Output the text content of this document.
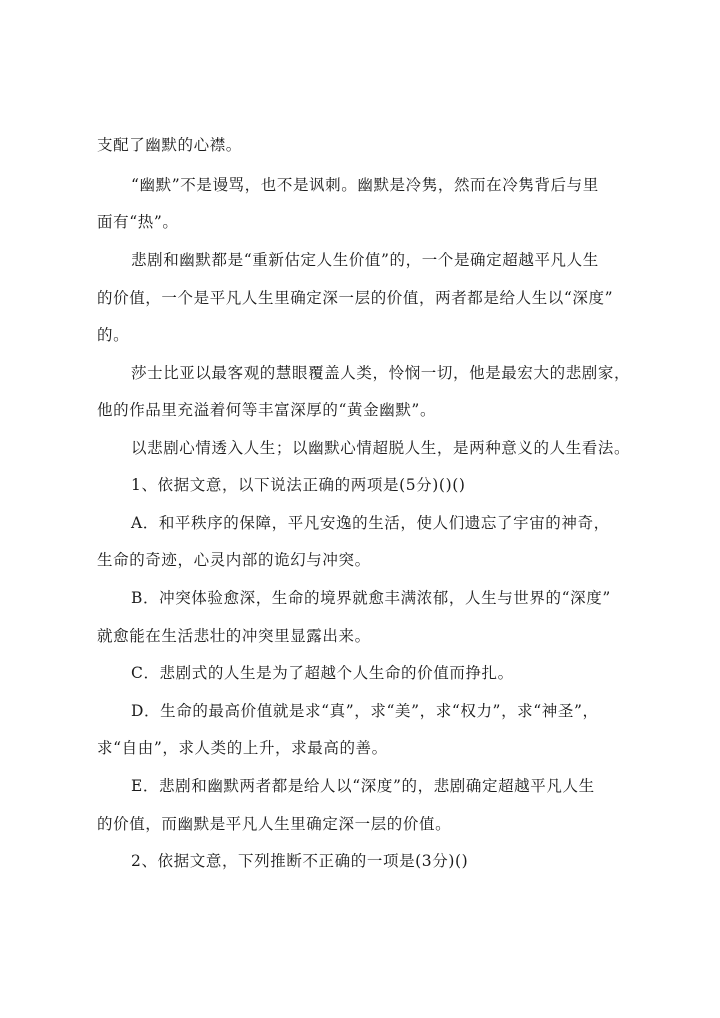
支配了幽默的心襟。
“幽默”不是谩骂，也不是讽刺。幽默是冷隽，然而在冷隽背后与里
面有“热”。
悲剧和幽默都是“重新估定人生价值”的，一个是确定超越平凡人生
的价值，一个是平凡人生里确定深一层的价值，两者都是给人生以“深度”
的。
莎士比亚以最客观的慧眼覆盖人类，怜悯一切，他是最宏大的悲剧家，
他的作品里充溢着何等丰富深厚的“黄金幽默”。
以悲剧心情透入人生；以幽默心情超脱人生，是两种意义的人生看法。
1、依据文意，以下说法正确的两项是(5分)()()
A．和平秩序的保障，平凡安逸的生活，使人们遗忘了宇宙的神奇，
生命的奇迹，心灵内部的诡幻与冲突。
B．冲突体验愈深，生命的境界就愈丰满浓郁，人生与世界的“深度”
就愈能在生活悲壮的冲突里显露出来。
C．悲剧式的人生是为了超越个人生命的价值而挣扎。
D．生命的最高价值就是求“真”，求“美”，求“权力”，求“神圣”，
求“自由”，求人类的上升，求最高的善。
E．悲剧和幽默两者都是给人以“深度”的，悲剧确定超越平凡人生
的价值，而幽默是平凡人生里确定深一层的价值。
2、依据文意，下列推断不正确的一项是(3分)()
